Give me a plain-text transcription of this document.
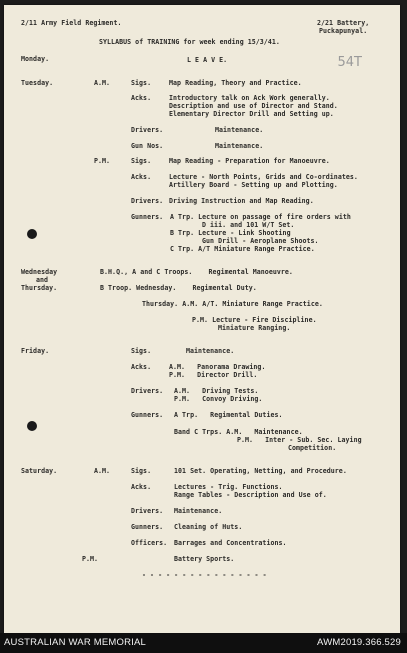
2/11 Army Field Regiment.	2/21 Battery,
Puckapunyal.
SYLLABUS of TRAINING for week ending 15/3/41.
54T
Monday.	L E A V E.
Tuesday.	A.M.	Sigs.	Map Reading, Theory and Practice.
Acks.	Introductory talk on Ack Work generally.
Description and use of Director and Stand.
Elementary Director Drill and Setting up.
Drivers.	Maintenance.
Gun Nos.	Maintenance.
P.M.	Sigs.	Map Reading - Preparation for Manoeuvre.
Acks.	Lecture - North Points, Grids and Co-ordinates.
Artillery Board - Setting up and Plotting.
Drivers. Driving Instruction and Map Reading.
Gunners. A Trp. Lecture on passage of fire orders with
D iii. and 101 W/T Set.
B Trp. Lecture - Link Shooting
Gun Drill - Aeroplane Shoots.
C Trp. A/T Miniature Range Practice.
Wednesday
and
Thursday.
B.H.Q., A and C Troops.    Regimental Manoeuvre.
B Troop. Wednesday.    Regimental Duty.
Thursday. A.M. A/T. Miniature Range Practice.
P.M. Lecture - Fire Discipline.
Miniature Ranging.
Friday.	Sigs.	Maintenance.
Acks.	A.M.   Panorama Drawing.
P.M.   Director Drill.
Drivers. A.M.   Driving Tests.
P.M.   Convoy Driving.
Gunners. A Trp.   Regimental Duties.
Band C Trps. A.M.   Maintenance.
P.M.   Inter - Sub. Sec. Laying
Competition.
Saturday.	A.M.	Sigs.	101 Set. Operating, Netting, and Procedure.
Acks.	Lectures - Trig. Functions.
Range Tables - Description and Use of.
Drivers. Maintenance.
Gunners. Cleaning of Huts.
Officers. Barrages and Concentrations.
P.M.	Battery Sports.
- - - - - - - - - - - - - - - -
AUSTRALIAN WAR MEMORIAL	AWM2019.366.529
